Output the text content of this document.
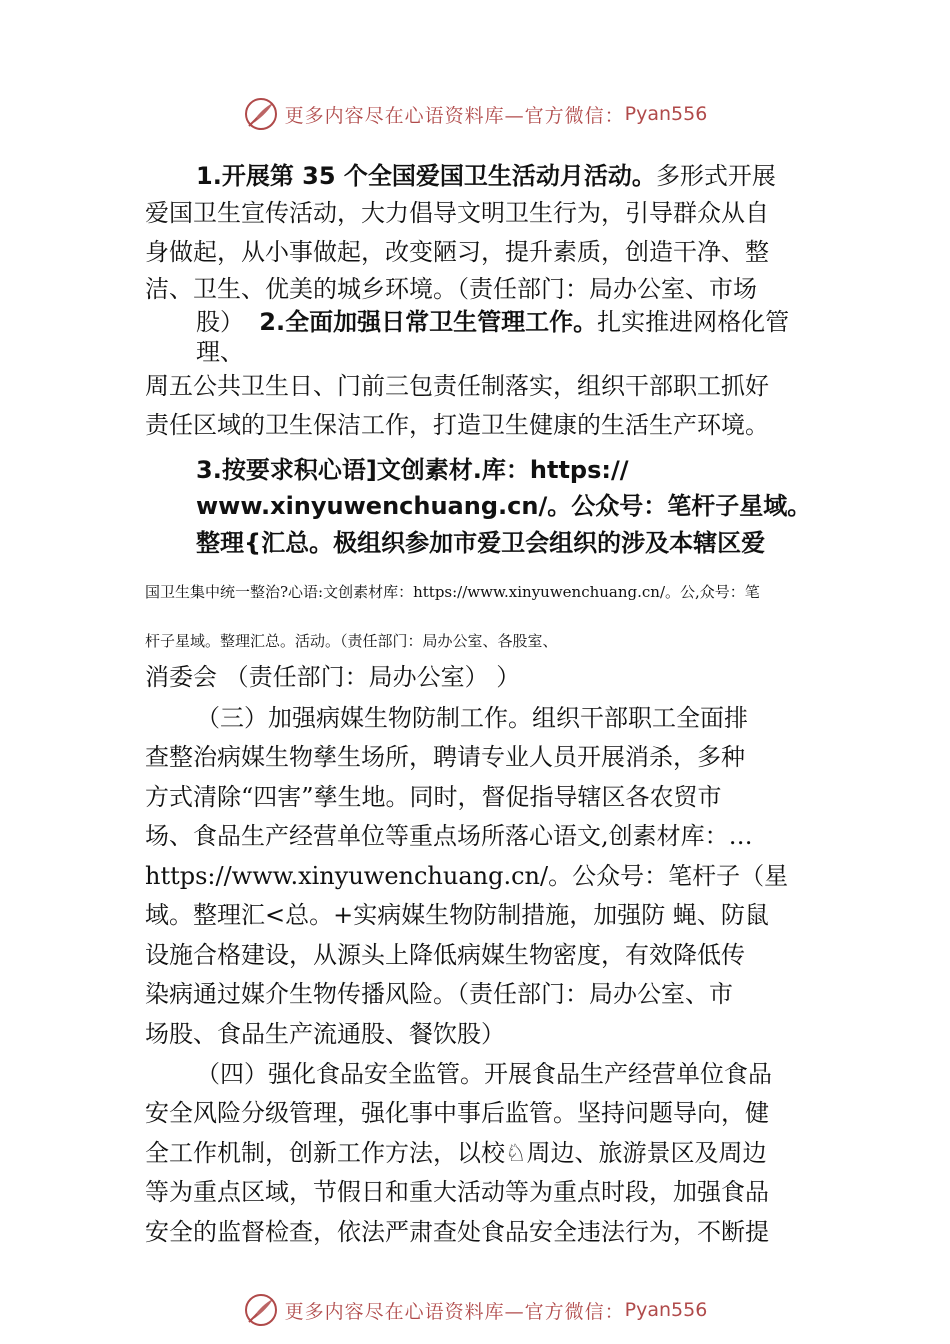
更多内容尽在心语资料库—官方微信： Pyan556
1.开展第 35 个全国爱国卫生活动月活动。多形式开展
爱国卫生宣传活动，大力倡导文明卫生行为，引导群众从自
身做起，从小事做起，改变陋习，提升素质，创造干净、整
洁、卫生、优美的城乡环境。（责任部门：局办公室、市场
股） 2.全面加强日常卫生管理工作。扎实推进网格化管
理、
周五公共卫生日、门前三包责任制落实，组织干部职工抓好
责任区域的卫生保洁工作，打造卫生健康的生活生产环境。
3.按要求积心语]文创素材.库：https://
www.xinyuwenchuang.cn/。公众号：笔杆子星域。
整理{汇总。极组织参加市爱卫会组织的涉及本辖区爱
国卫生集中统一整治?心语:文创素材库：https://www.xinyuwenchuang.cn/。公,众号：笔
杆子星域。整理汇总。活动。（责任部门：局办公室、各股室、
消委会 （责任部门：局办公室） ）
（三）加强病媒生物防制工作。组织干部职工全面排
查整治病媒生物孳生场所，聘请专业人员开展消杀，多种
方式清除“四害”孳生地。同时，督促指导辖区各农贸市
场、食品生产经营单位等重点场所落心语文,创素材库：…
https://www.xinyuwenchuang.cn/。公众号：笔杆子（星
域。整理汇<总。+实病媒生物防制措施，加强防 蝇、防鼠
设施合格建设，从源头上降低病媒生物密度，有效降低传
染病通过媒介生物传播风险。（责任部门：局办公室、市
场股、食品生产流通股、餐饮股）
（四）强化食品安全监管。开展食品生产经营单位食品
安全风险分级管理，强化事中事后监管。坚持问题导向，健
全工作机制，创新工作方法，以校♘周边、旅游景区及周边
等为重点区域，节假日和重大活动等为重点时段，加强食品
安全的监督检查，依法严肃查处食品安全违法行为，不断提
更多内容尽在心语资料库—官方微信： Pyan556
